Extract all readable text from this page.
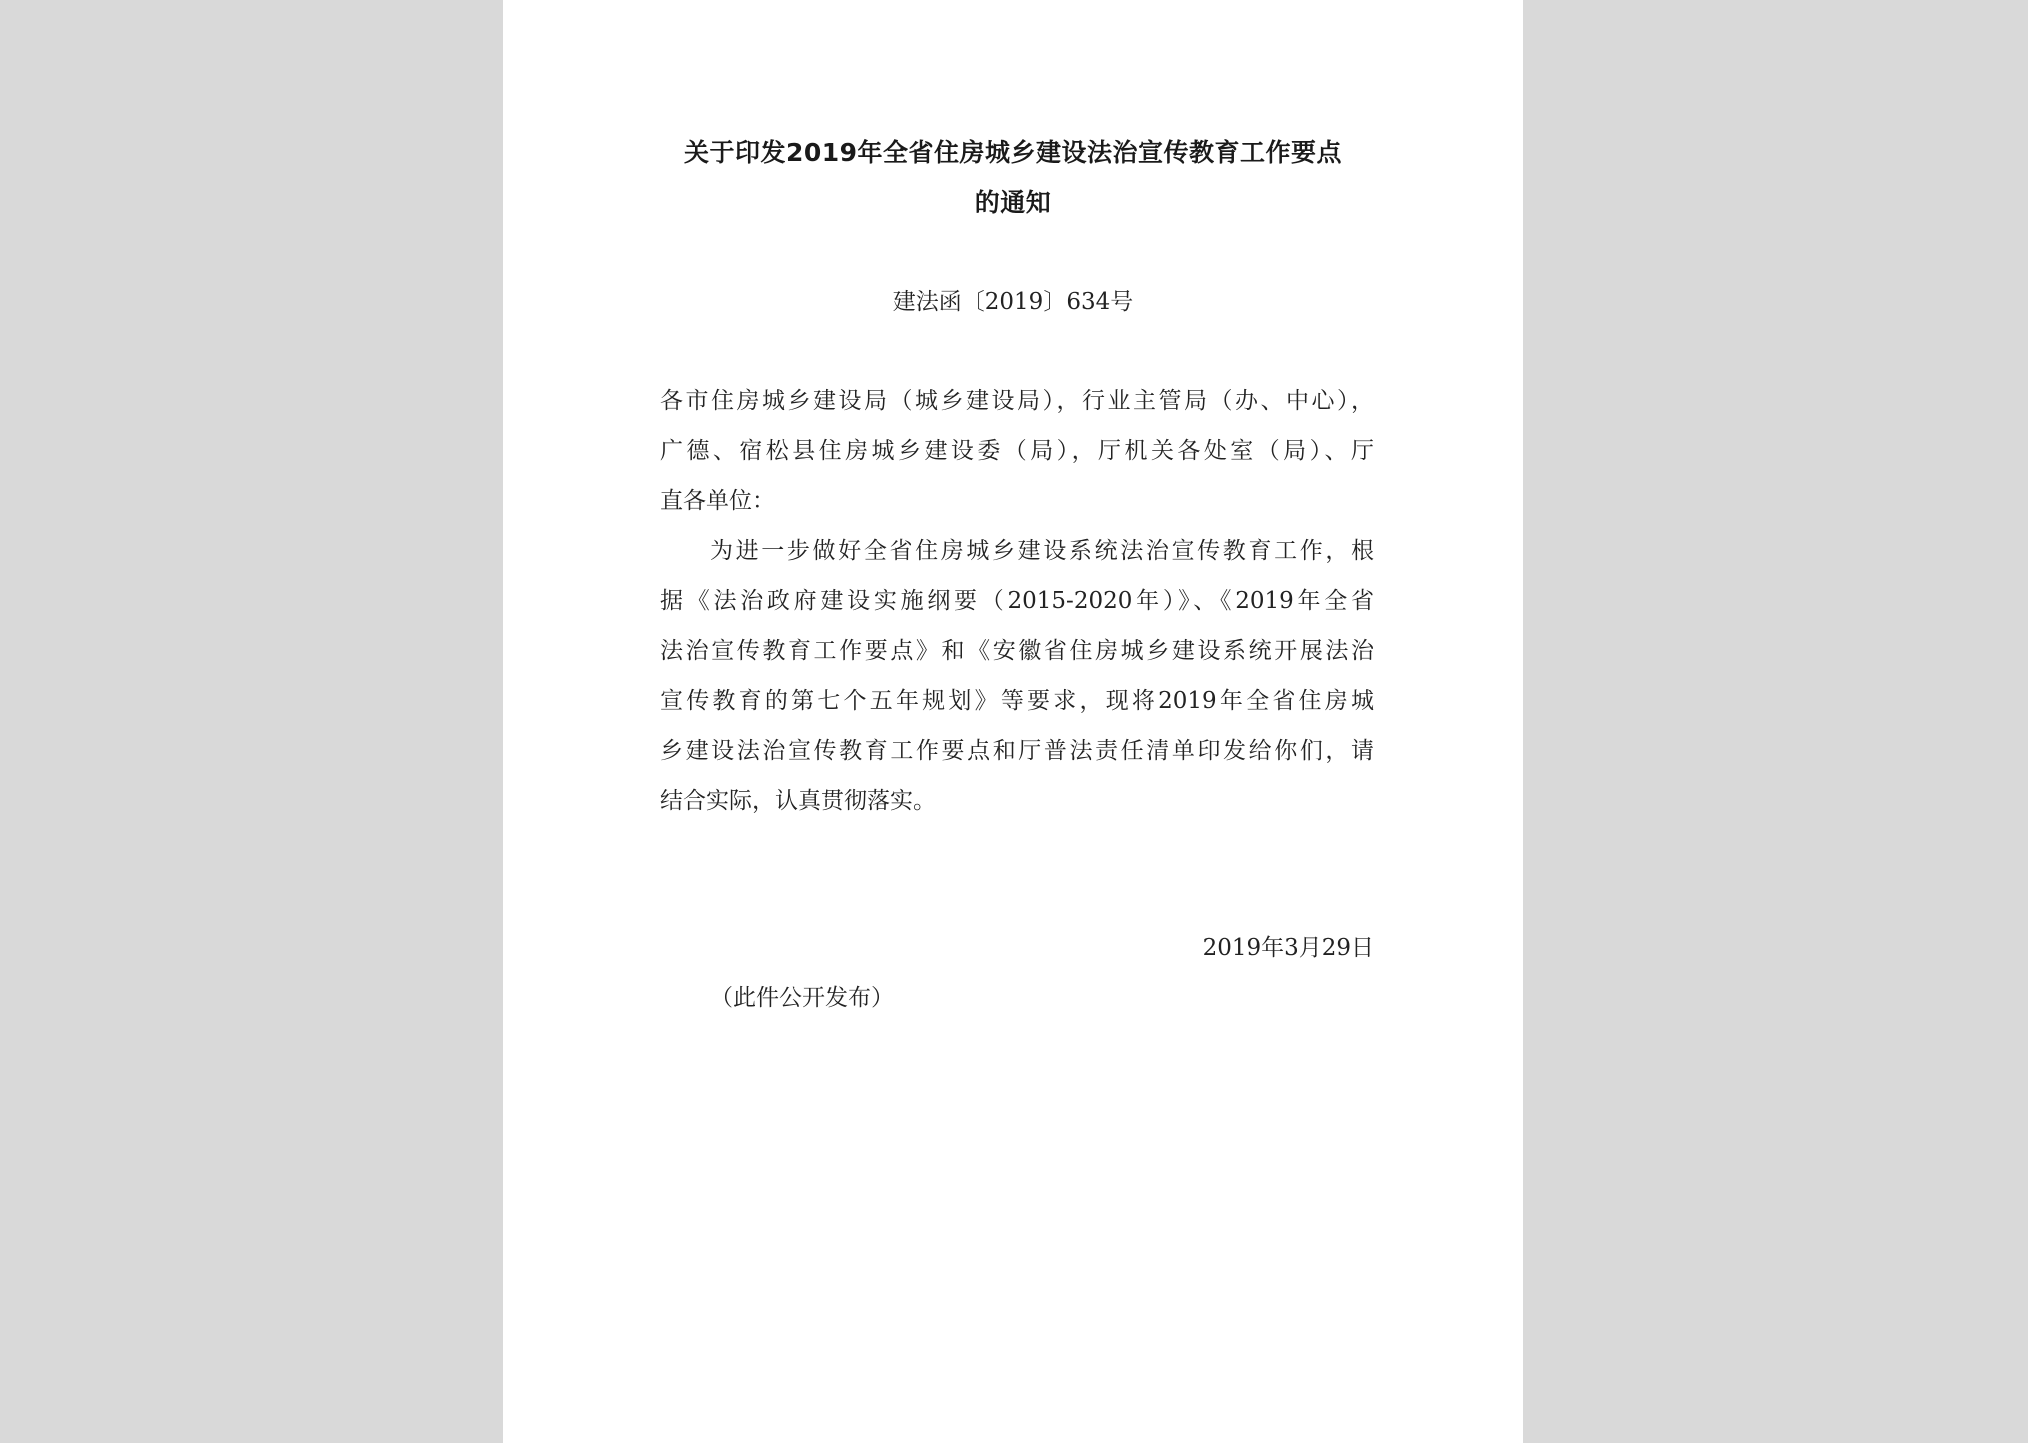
关于印发2019年全省住房城乡建设法治宣传教育工作要点
的通知
建法函〔2019〕634号
各市住房城乡建设局（城乡建设局），行业主管局（办、中心），
广德、宿松县住房城乡建设委（局），厅机关各处室（局）、厅
直各单位：
为进一步做好全省住房城乡建设系统法治宣传教育工作，根
据《法治政府建设实施纲要（2015-2020年）》、《2019年全省
法治宣传教育工作要点》和《安徽省住房城乡建设系统开展法治
宣传教育的第七个五年规划》等要求，现将2019年全省住房城
乡建设法治宣传教育工作要点和厅普法责任清单印发给你们，请
结合实际，认真贯彻落实。
2019年3月29日
（此件公开发布）
